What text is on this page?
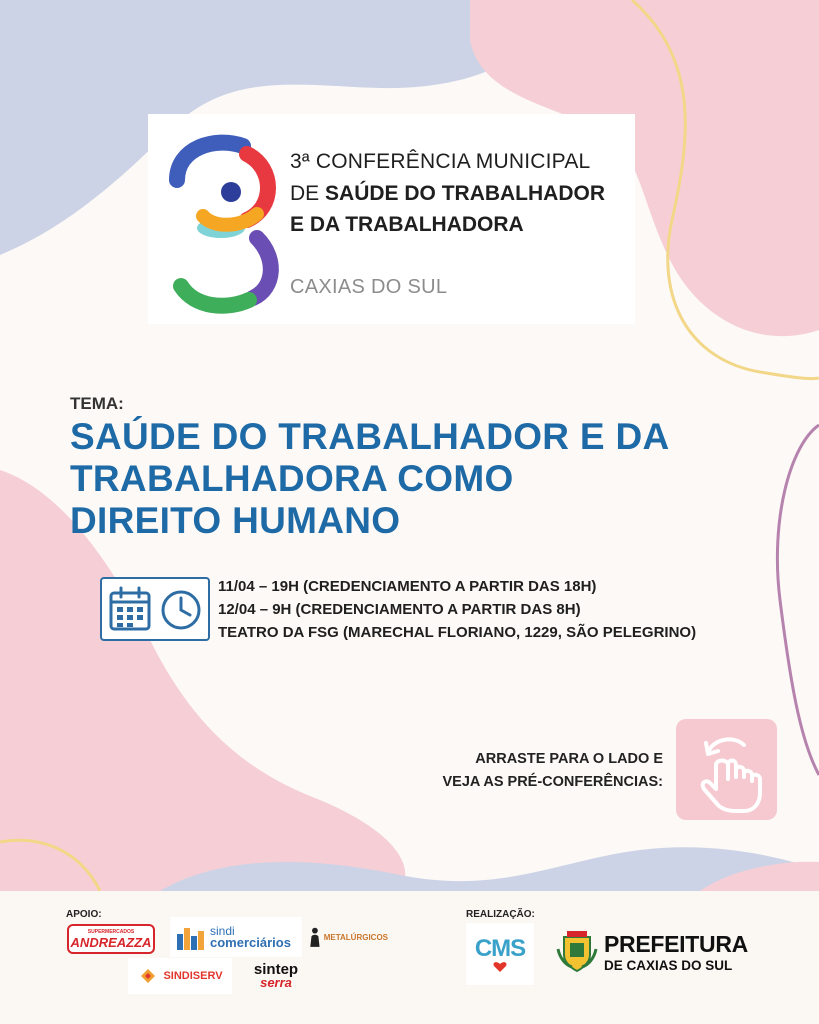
3ª CONFERÊNCIA MUNICIPAL
DE SAÚDE DO TRABALHADOR
E DA TRABALHADORA
CAXIAS DO SUL
TEMA:
SAÚDE DO TRABALHADOR E DA
TRABALHADORA COMO
DIREITO HUMANO
11/04 – 19H (CREDENCIAMENTO A PARTIR DAS 18H)
12/04 – 9H (CREDENCIAMENTO A PARTIR DAS 8H)
TEATRO DA FSG (MARECHAL FLORIANO, 1229, SÃO PELEGRINO)
ARRASTE PARA O LADO E
VEJA AS PRÉ-CONFERÊNCIAS:
APOIO:	REALIZAÇÃO:
SUPERMERCADOS
ANDREAZZA
sindi
comerciários	METALÚRGICOS
SINDISERV sintep
serra
CMS	PREFEITURA
DE CAXIAS DO SUL
